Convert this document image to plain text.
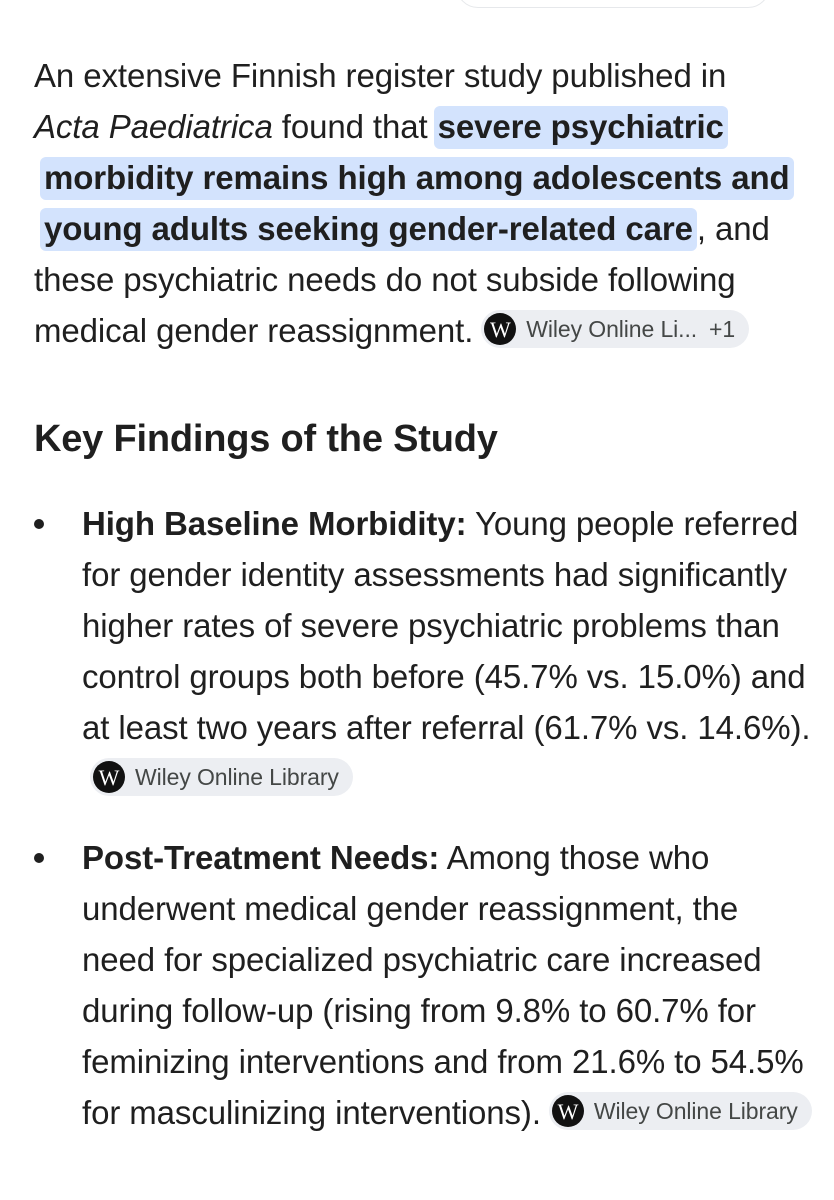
An extensive Finnish register study published in
Acta Paediatrica found that severe psychiatric morbidity remains high among adolescents and young adults seeking gender-related care , and these psychiatric needs do not subside following medical gender reassignment. W Wiley Online Li... +1

Key Findings of the Study
High Baseline Morbidity: Young people referred for gender identity assessments had significantly higher rates of severe psychiatric problems than control groups both before (45.7% vs. 15.0%) and at least two years after referral (61.7% vs. 14.6%).
W Wiley Online Library
Post-Treatment Needs: Among those who underwent medical gender reassignment, the need for specialized psychiatric care increased during follow-up (rising from 9.8% to 60.7% for feminizing interventions and from 21.6% to 54.5% for masculinizing interventions). W Wiley Online Library
